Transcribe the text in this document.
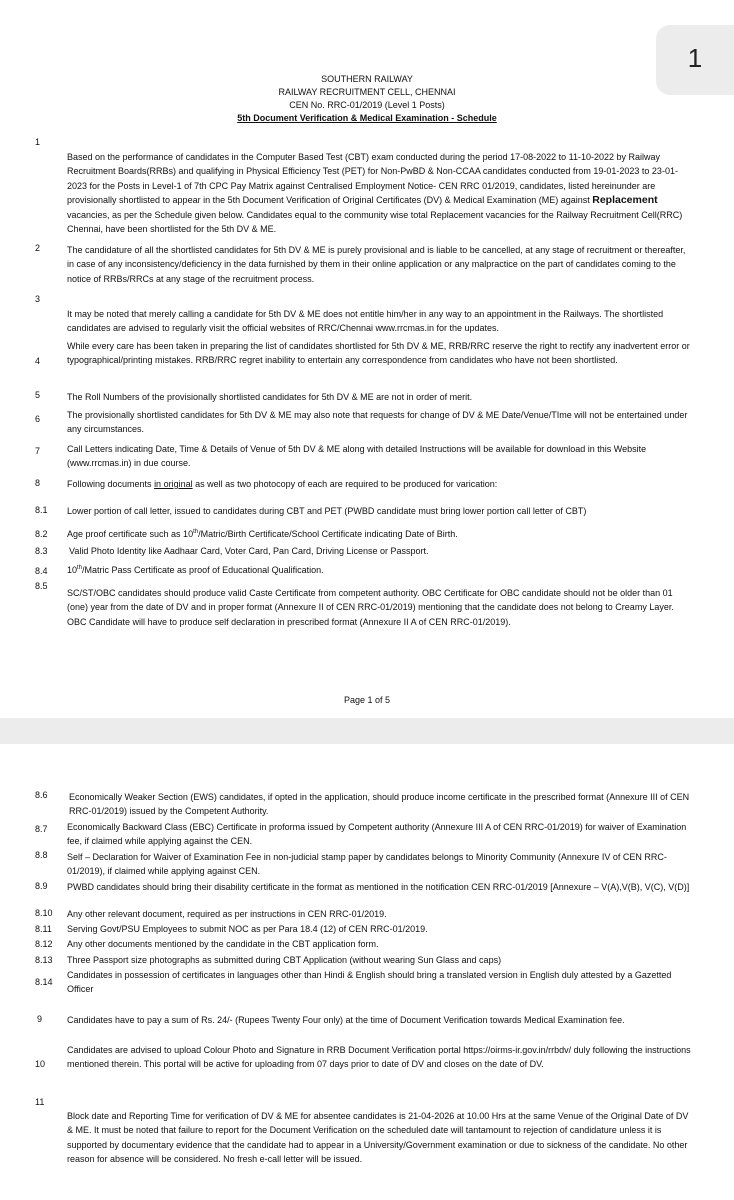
1
SOUTHERN RAILWAY
RAILWAY RECRUITMENT CELL, CHENNAI
CEN No. RRC-01/2019 (Level 1 Posts)
5th Document Verification & Medical Examination - Schedule
1
Based on the performance of candidates in the Computer Based Test (CBT) exam conducted during the period 17-08-2022 to 11-10-2022 by Railway Recruitment Boards(RRBs) and qualifying in Physical Efficiency Test (PET) for Non-PwBD & Non-CCAA candidates conducted from 19-01-2023 to 23-01-2023 for the Posts in Level-1 of 7th CPC Pay Matrix against Centralised Employment Notice- CEN RRC 01/2019, candidates, listed hereinunder are provisionally shortlisted to appear in the 5th Document Verification of Original Certificates (DV) & Medical Examination (ME) against Replacement vacancies, as per the Schedule given below. Candidates equal to the community wise total Replacement vacancies for the Railway Recruitment Cell(RRC) Chennai, have been shortlisted for the 5th DV & ME.
2	The candidature of all the shortlisted candidates for 5th DV & ME is purely provisional and is liable to be cancelled, at any stage of recruitment or thereafter, in case of any inconsistency/deficiency in the data furnished by them in their online application or any malpractice on the part of candidates coming to the notice of RRBs/RRCs at any stage of the recruitment process.
3
It may be noted that merely calling a candidate for 5th DV & ME does not entitle him/her in any way to an appointment in the Railways. The shortlisted candidates are advised to regularly visit the official websites of RRC/Chennai www.rrcmas.in for the updates.
4
While every care has been taken in preparing the list of candidates shortlisted for 5th DV & ME, RRB/RRC reserve the right to rectify any inadvertent error or typographical/printing mistakes. RRB/RRC regret inability to entertain any correspondence from candidates who have not been shortlisted.
5	The Roll Numbers of the provisionally shortlisted candidates for 5th DV & ME are not in order of merit.
6	The provisionally shortlisted candidates for 5th DV & ME may also note that requests for change of DV & ME Date/Venue/TIme will not be entertained under any circumstances.
7	Call Letters indicating Date, Time & Details of Venue of 5th DV & ME along with detailed Instructions will be available for download in this Website (www.rrcmas.in) in due course.
8	Following documents in original as well as two photocopy of each are required to be produced for varication:
8.1 Lower portion of call letter, issued to candidates during CBT and PET (PWBD candidate must bring lower portion call letter of CBT)
8.2 Age proof certificate such as 10th/Matric/Birth Certificate/School Certificate indicating Date of Birth.
8.3 Valid Photo Identity like Aadhaar Card, Voter Card, Pan Card, Driving License or Passport.
8.4 10th/Matric Pass Certificate as proof of Educational Qualification.
8.5
SC/ST/OBC candidates should produce valid Caste Certificate from competent authority. OBC Certificate for OBC candidate should not be older than 01 (one) year from the date of DV and in proper format (Annexure II of CEN RRC-01/2019) mentioning that the candidate does not belong to Creamy Layer. OBC Candidate will have to produce self declaration in prescribed format (Annexure II A of CEN RRC-01/2019).
Page 1 of 5
8.6 Economically Weaker Section (EWS) candidates, if opted in the application, should produce income certificate in the prescribed format (Annexure III of CEN RRC-01/2019) issued by the Competent Authority.
8.7 Economically Backward Class (EBC) Certificate in proforma issued by Competent authority (Annexure III A of CEN RRC-01/2019) for waiver of Examination fee, if claimed while applying against the CEN.
8.8 Self – Declaration for Waiver of Examination Fee in non-judicial stamp paper by candidates belongs to Minority Community (Annexure IV of CEN RRC-01/2019), if claimed while applying against CEN.
8.9 PWBD candidates should bring their disability certificate in the format as mentioned in the notification CEN RRC-01/2019 [Annexure – V(A),V(B), V(C), V(D)]
8.10 Any other relevant document, required as per instructions in CEN RRC-01/2019.
8.11 Serving Govt/PSU Employees to submit NOC as per Para 18.4 (12) of CEN RRC-01/2019.
8.12 Any other documents mentioned by the candidate in the CBT application form.
8.13 Three Passport size photographs as submitted during CBT Application (without wearing Sun Glass and caps)
8.14
Candidates in possession of certificates in languages other than Hindi & English should bring a translated version in English duly attested by a Gazetted Officer
9	Candidates have to pay a sum of Rs. 24/- (Rupees Twenty Four only) at the time of Document Verification towards Medical Examination fee.
10
Candidates are advised to upload Colour Photo and Signature in RRB Document Verification portal https://oirms-ir.gov.in/rrbdv/ duly following the instructions mentioned therein. This portal will be active for uploading from 07 days prior to date of DV and closes on the date of DV.
11
Block date and Reporting Time for verification of DV & ME for absentee candidates is 21-04-2026 at 10.00 Hrs at the same Venue of the Original Date of DV & ME. It must be noted that failure to report for the Document Verification on the scheduled date will tantamount to rejection of candidature unless it is supported by documentary evidence that the candidate had to appear in a University/Government examination or due to sickness of the candidate. No other reason for absence will be considered. No fresh e-call letter will be issued.
